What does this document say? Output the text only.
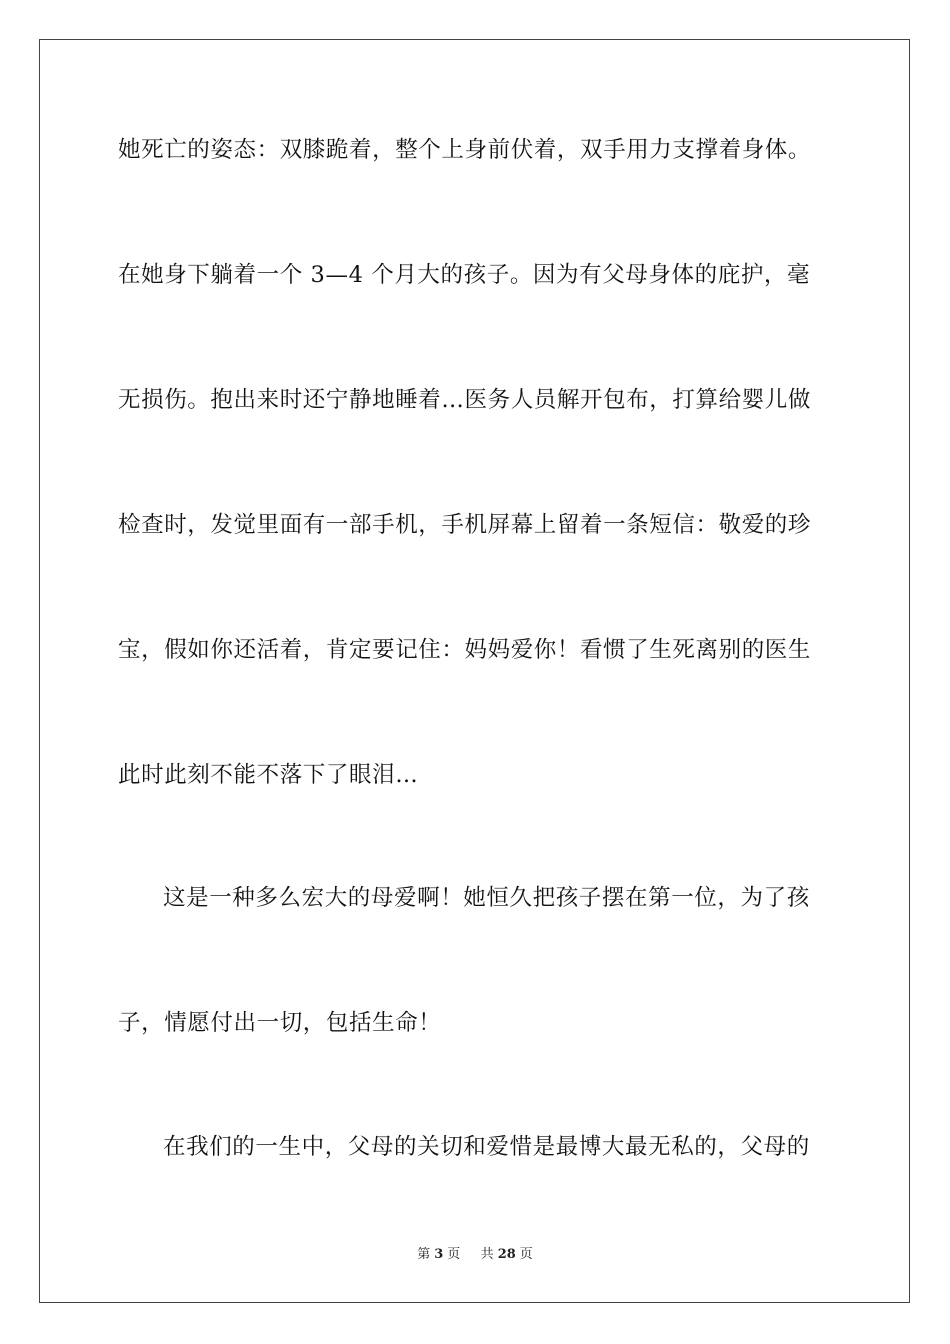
她死亡的姿态：双膝跪着，整个上身前伏着，双手用力支撑着身体。
在她身下躺着一个 3—4 个月大的孩子。因为有父母身体的庇护，毫
无损伤。抱出来时还宁静地睡着…医务人员解开包布，打算给婴儿做
检查时，发觉里面有一部手机，手机屏幕上留着一条短信：敬爱的珍
宝，假如你还活着，肯定要记住：妈妈爱你！看惯了生死离别的医生
此时此刻不能不落下了眼泪…
这是一种多么宏大的母爱啊！她恒久把孩子摆在第一位，为了孩
子，情愿付出一切，包括生命！
在我们的一生中，父母的关切和爱惜是最博大最无私的，父母的
第 3 页 共 28 页
